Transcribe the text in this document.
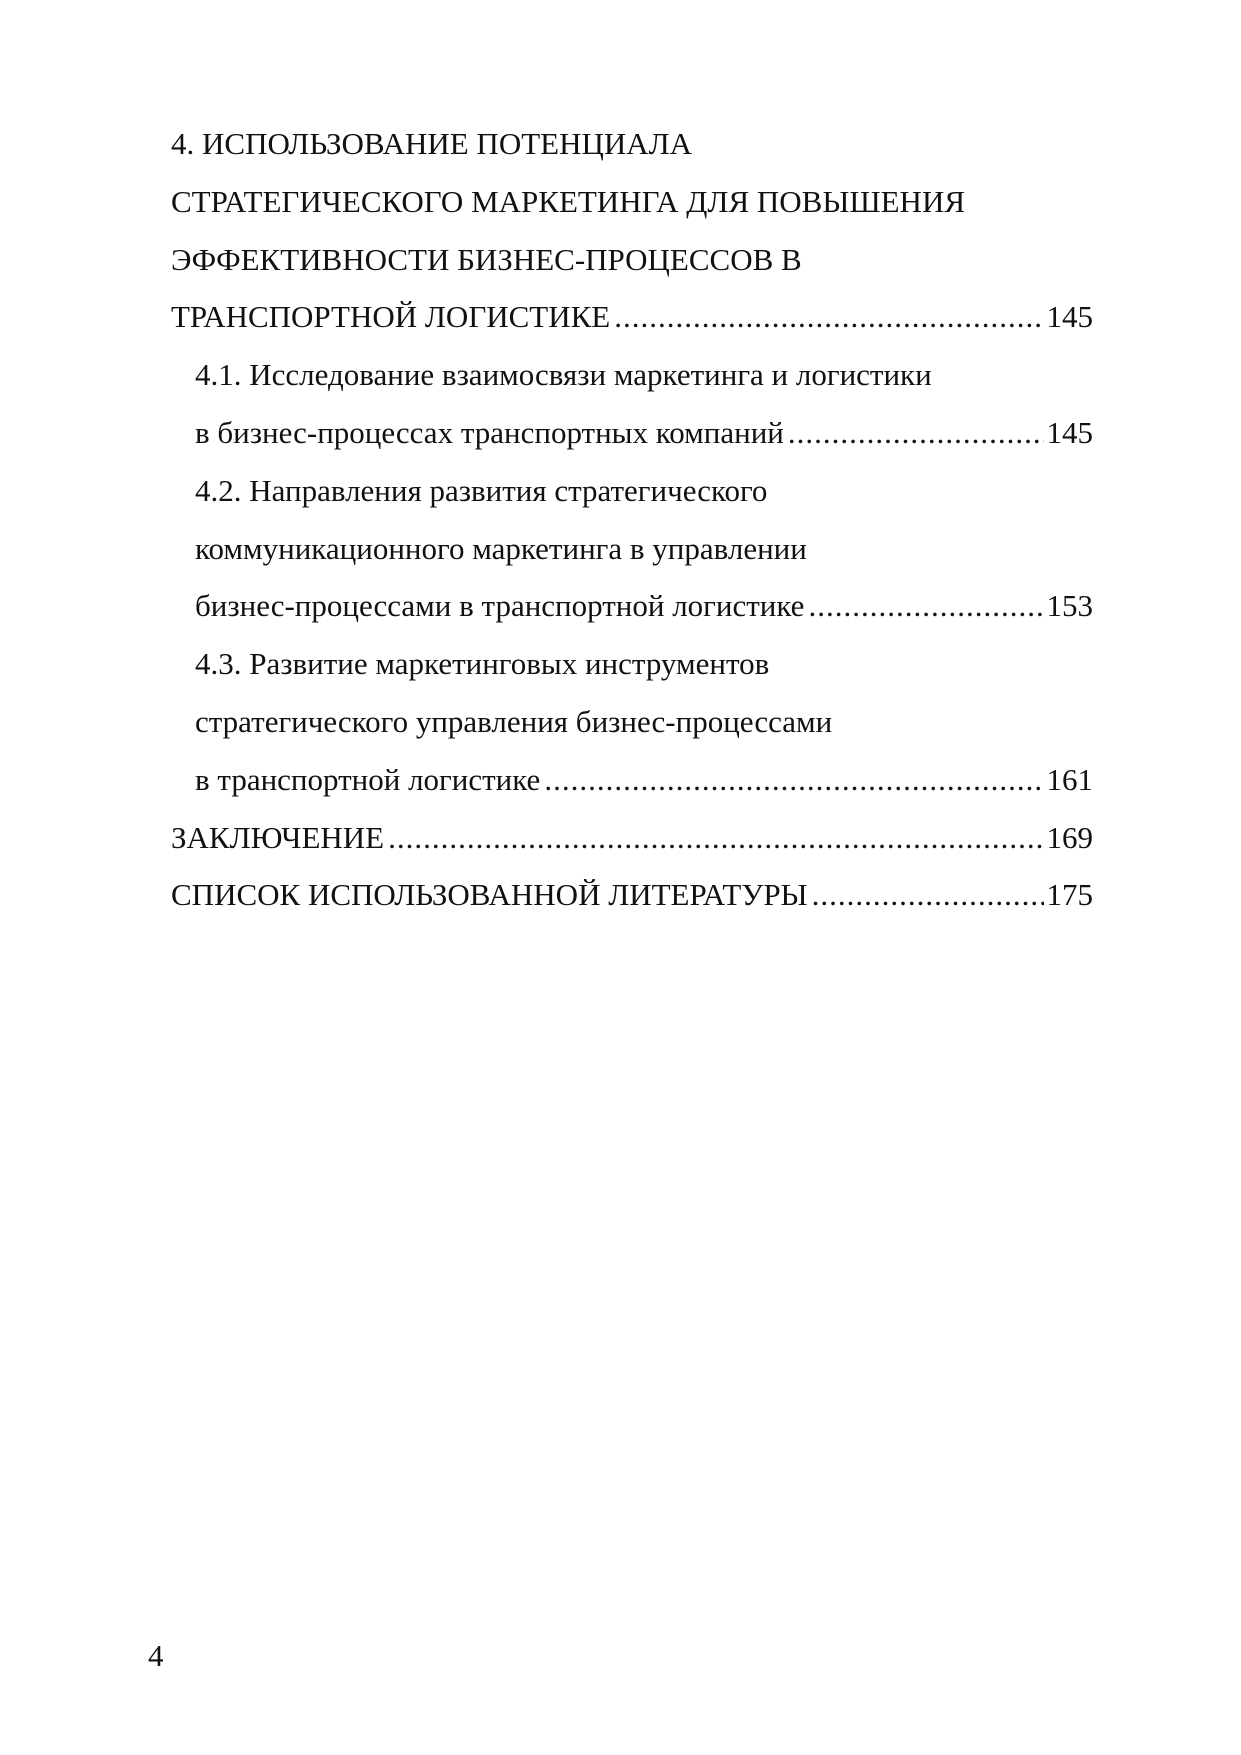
4. ИСПОЛЬЗОВАНИЕ ПОТЕНЦИАЛА
СТРАТЕГИЧЕСКОГО МАРКЕТИНГА ДЛЯ ПОВЫШЕНИЯ
ЭФФЕКТИВНОСТИ БИЗНЕС-ПРОЦЕССОВ В
ТРАНСПОРТНОЙ ЛОГИСТИКЕ .....	145
4.1. Исследование взаимосвязи маркетинга и логистики
в бизнес-процессах транспортных компаний .....	145
4.2. Направления развития стратегического
коммуникационного маркетинга в управлении
бизнес-процессами в транспортной логистике .....	153
4.3. Развитие маркетинговых инструментов
стратегического управления бизнес-процессами
в транспортной логистике .....	161
ЗАКЛЮЧЕНИЕ .....	169
СПИСОК ИСПОЛЬЗОВАННОЙ ЛИТЕРАТУРЫ .....	175
4
